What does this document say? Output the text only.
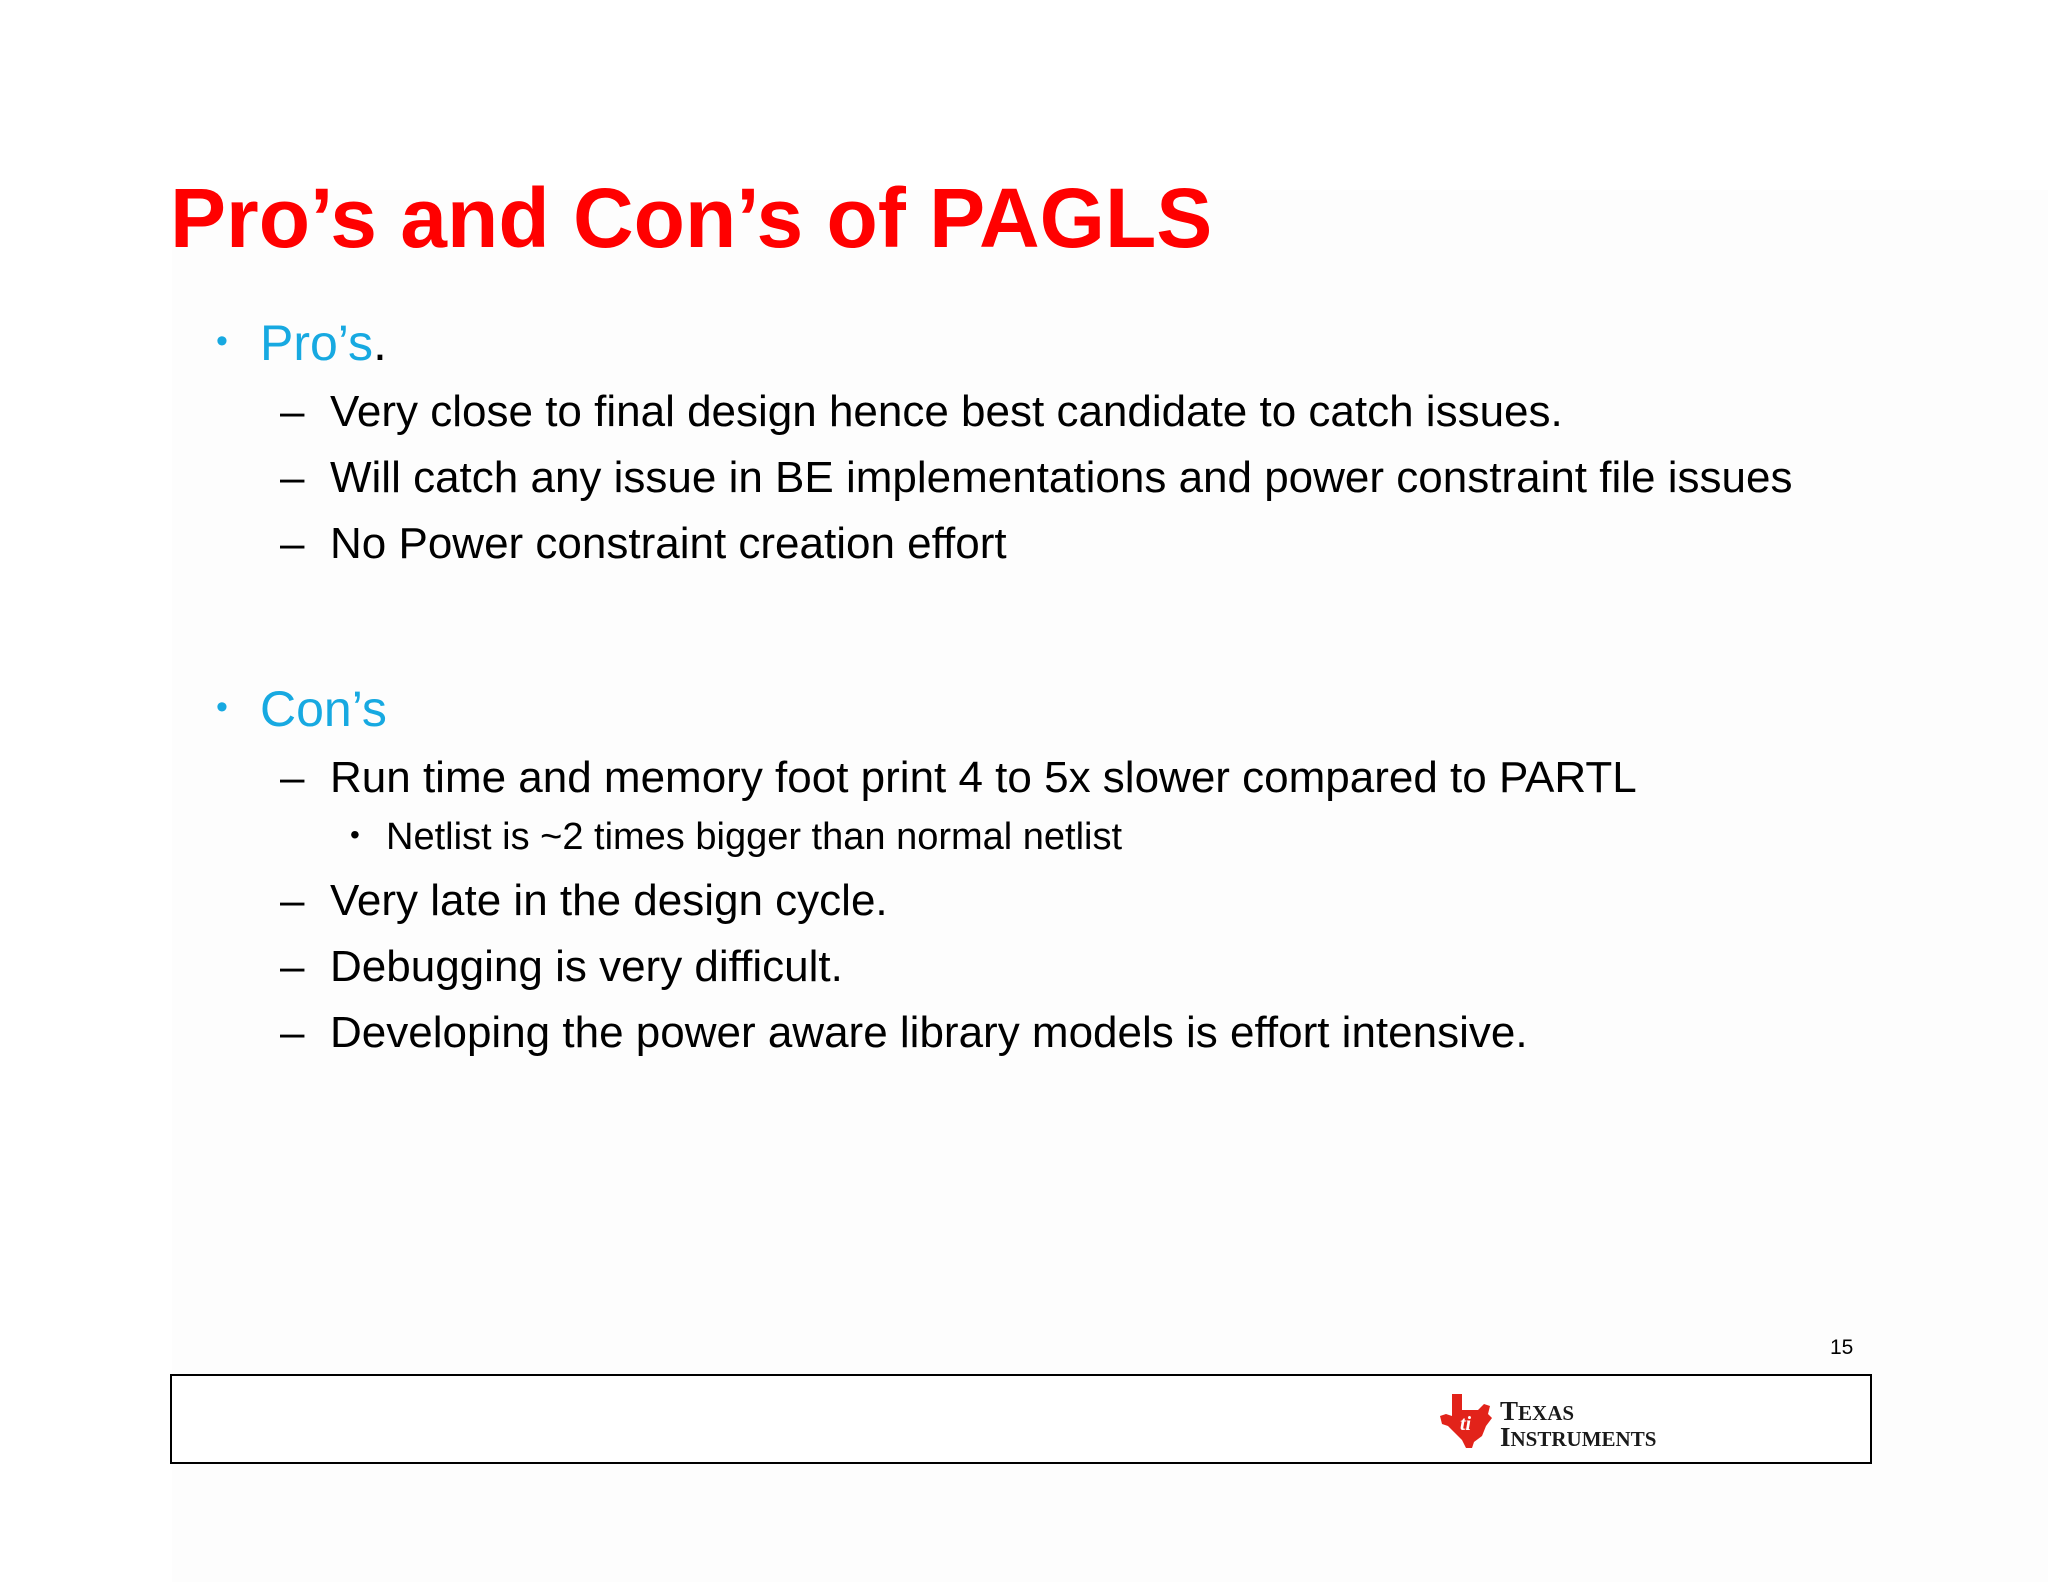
Pro’s and Con’s of PAGLS
• Pro’s.
– Very close to final design hence best candidate to catch issues.
– Will catch any issue in BE implementations and power constraint file issues
– No Power constraint creation effort
• Con’s
– Run time and memory foot print 4 to 5x slower compared to PARTL
• Netlist is ~2 times bigger than normal netlist
– Very late in the design cycle.
– Debugging is very difficult.
– Developing the power aware library models is effort intensive.
15
ti TEXAS
INSTRUMENTS
